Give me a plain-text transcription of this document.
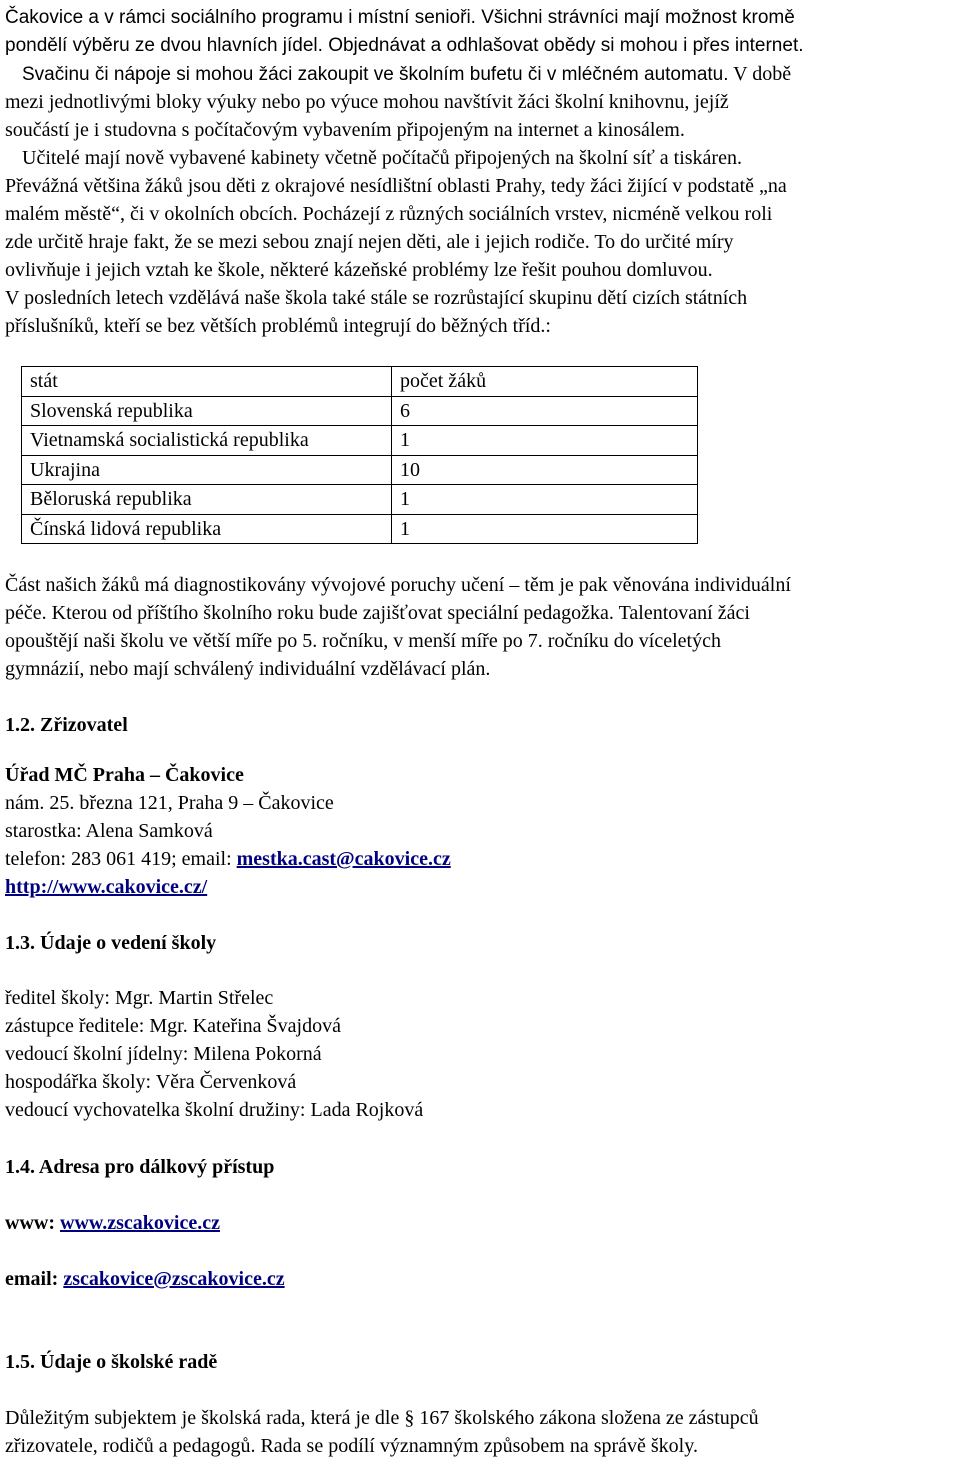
Čakovice a v rámci sociálního programu i místní senioři. Všichni strávníci mají možnost kromě
pondělí výběru ze dvou hlavních jídel. Objednávat a odhlašovat obědy si mohou i přes internet.
Svačinu či nápoje si mohou žáci zakoupit ve školním bufetu či v mléčném automatu. V době
mezi jednotlivými bloky výuky nebo po výuce mohou navštívit žáci školní knihovnu, jejíž
součástí je i studovna s počítačovým vybavením připojeným na internet a kinosálem.
Učitelé mají nově vybavené kabinety včetně počítačů připojených na školní síť a tiskáren.
Převážná většina žáků jsou děti z okrajové nesídlištní oblasti Prahy, tedy žáci žijící v podstatě „na
malém městě“, či v okolních obcích. Pocházejí z různých sociálních vrstev, nicméně velkou roli
zde určitě hraje fakt, že se mezi sebou znají nejen děti, ale i jejich rodiče. To do určité míry
ovlivňuje i jejich vztah ke škole, některé kázeňské problémy lze řešit pouhou domluvou.
V posledních letech vzdělává naše škola také stále se rozrůstající skupinu dětí cizích státních
příslušníků, kteří se bez větších problémů integrují do běžných tříd.:
stát	počet žáků
Slovenská republika	6
Vietnamská socialistická republika	1
Ukrajina	10
Běloruská republika	1
Čínská lidová republika	1
Část našich žáků má diagnostikovány vývojové poruchy učení – těm je pak věnována individuální
péče. Kterou od příštího školního roku bude zajišťovat speciální pedagožka. Talentovaní žáci
opouštějí naši školu ve větší míře po 5. ročníku, v menší míře po 7. ročníku do víceletých
gymnázií, nebo mají schválený individuální vzdělávací plán.
1.2. Zřizovatel
Úřad MČ Praha – Čakovice
nám. 25. března 121, Praha 9 – Čakovice
starostka: Alena Samková
telefon: 283 061 419; email: mestka.cast@cakovice.cz
http://www.cakovice.cz/
1.3. Údaje o vedení školy
ředitel školy: Mgr. Martin Střelec
zástupce ředitele: Mgr. Kateřina Švajdová
vedoucí školní jídelny: Milena Pokorná
hospodářka školy: Věra Červenková
vedoucí vychovatelka školní družiny: Lada Rojková
1.4. Adresa pro dálkový přístup
www: www.zscakovice.cz
email: zscakovice@zscakovice.cz
1.5. Údaje o školské radě
Důležitým subjektem je školská rada, která je dle § 167 školského zákona složena ze zástupců
zřizovatele, rodičů a pedagogů. Rada se podílí významným způsobem na správě školy.
